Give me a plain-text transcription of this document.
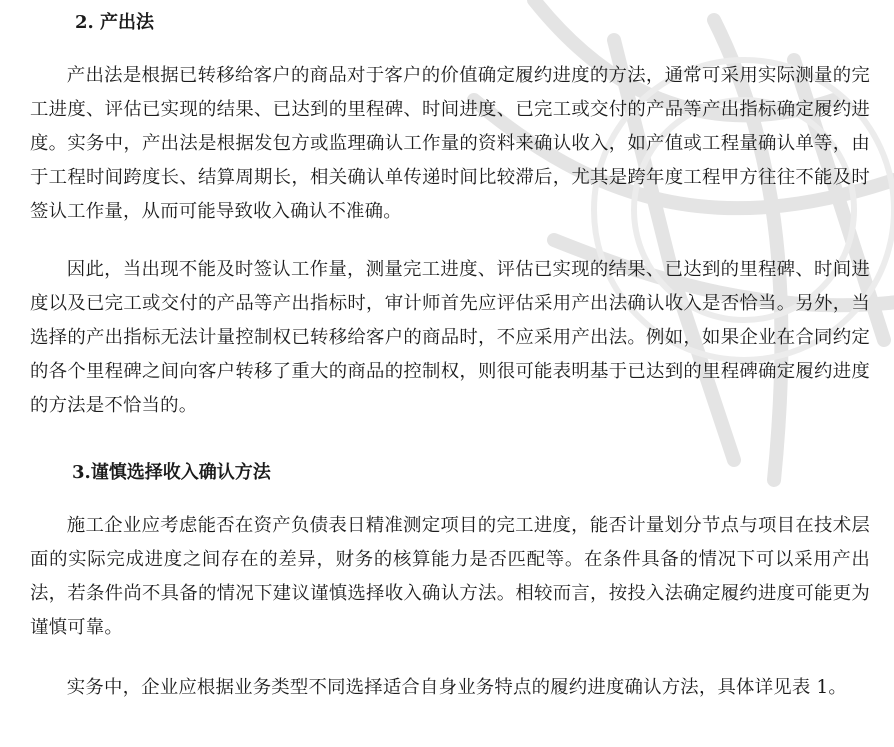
2. 产出法

产出法是根据已转移给客户的商品对于客户的价值确定履约进度的方法，通常可采用实际测量的完工进度、评估已实现的结果、已达到的里程碑、时间进度、已完工或交付的产品等产出指标确定履约进度。实务中，产出法是根据发包方或监理确认工作量的资料来确认收入，如产值或工程量确认单等，由于工程时间跨度长、结算周期长，相关确认单传递时间比较滞后，尤其是跨年度工程甲方往往不能及时签认工作量，从而可能导致收入确认不准确。

因此，当出现不能及时签认工作量，测量完工进度、评估已实现的结果、已达到的里程碑、时间进度以及已完工或交付的产品等产出指标时，审计师首先应评估采用产出法确认收入是否恰当。另外，当选择的产出指标无法计量控制权已转移给客户的商品时，不应采用产出法。例如，如果企业在合同约定的各个里程碑之间向客户转移了重大的商品的控制权，则很可能表明基于已达到的里程碑确定履约进度的方法是不恰当的。

3.谨慎选择收入确认方法

施工企业应考虑能否在资产负债表日精准测定项目的完工进度，能否计量划分节点与项目在技术层面的实际完成进度之间存在的差异，财务的核算能力是否匹配等。在条件具备的情况下可以采用产出法，若条件尚不具备的情况下建议谨慎选择收入确认方法。相较而言，按投入法确定履约进度可能更为谨慎可靠。

实务中，企业应根据业务类型不同选择适合自身业务特点的履约进度确认方法，具体详见表 1。
